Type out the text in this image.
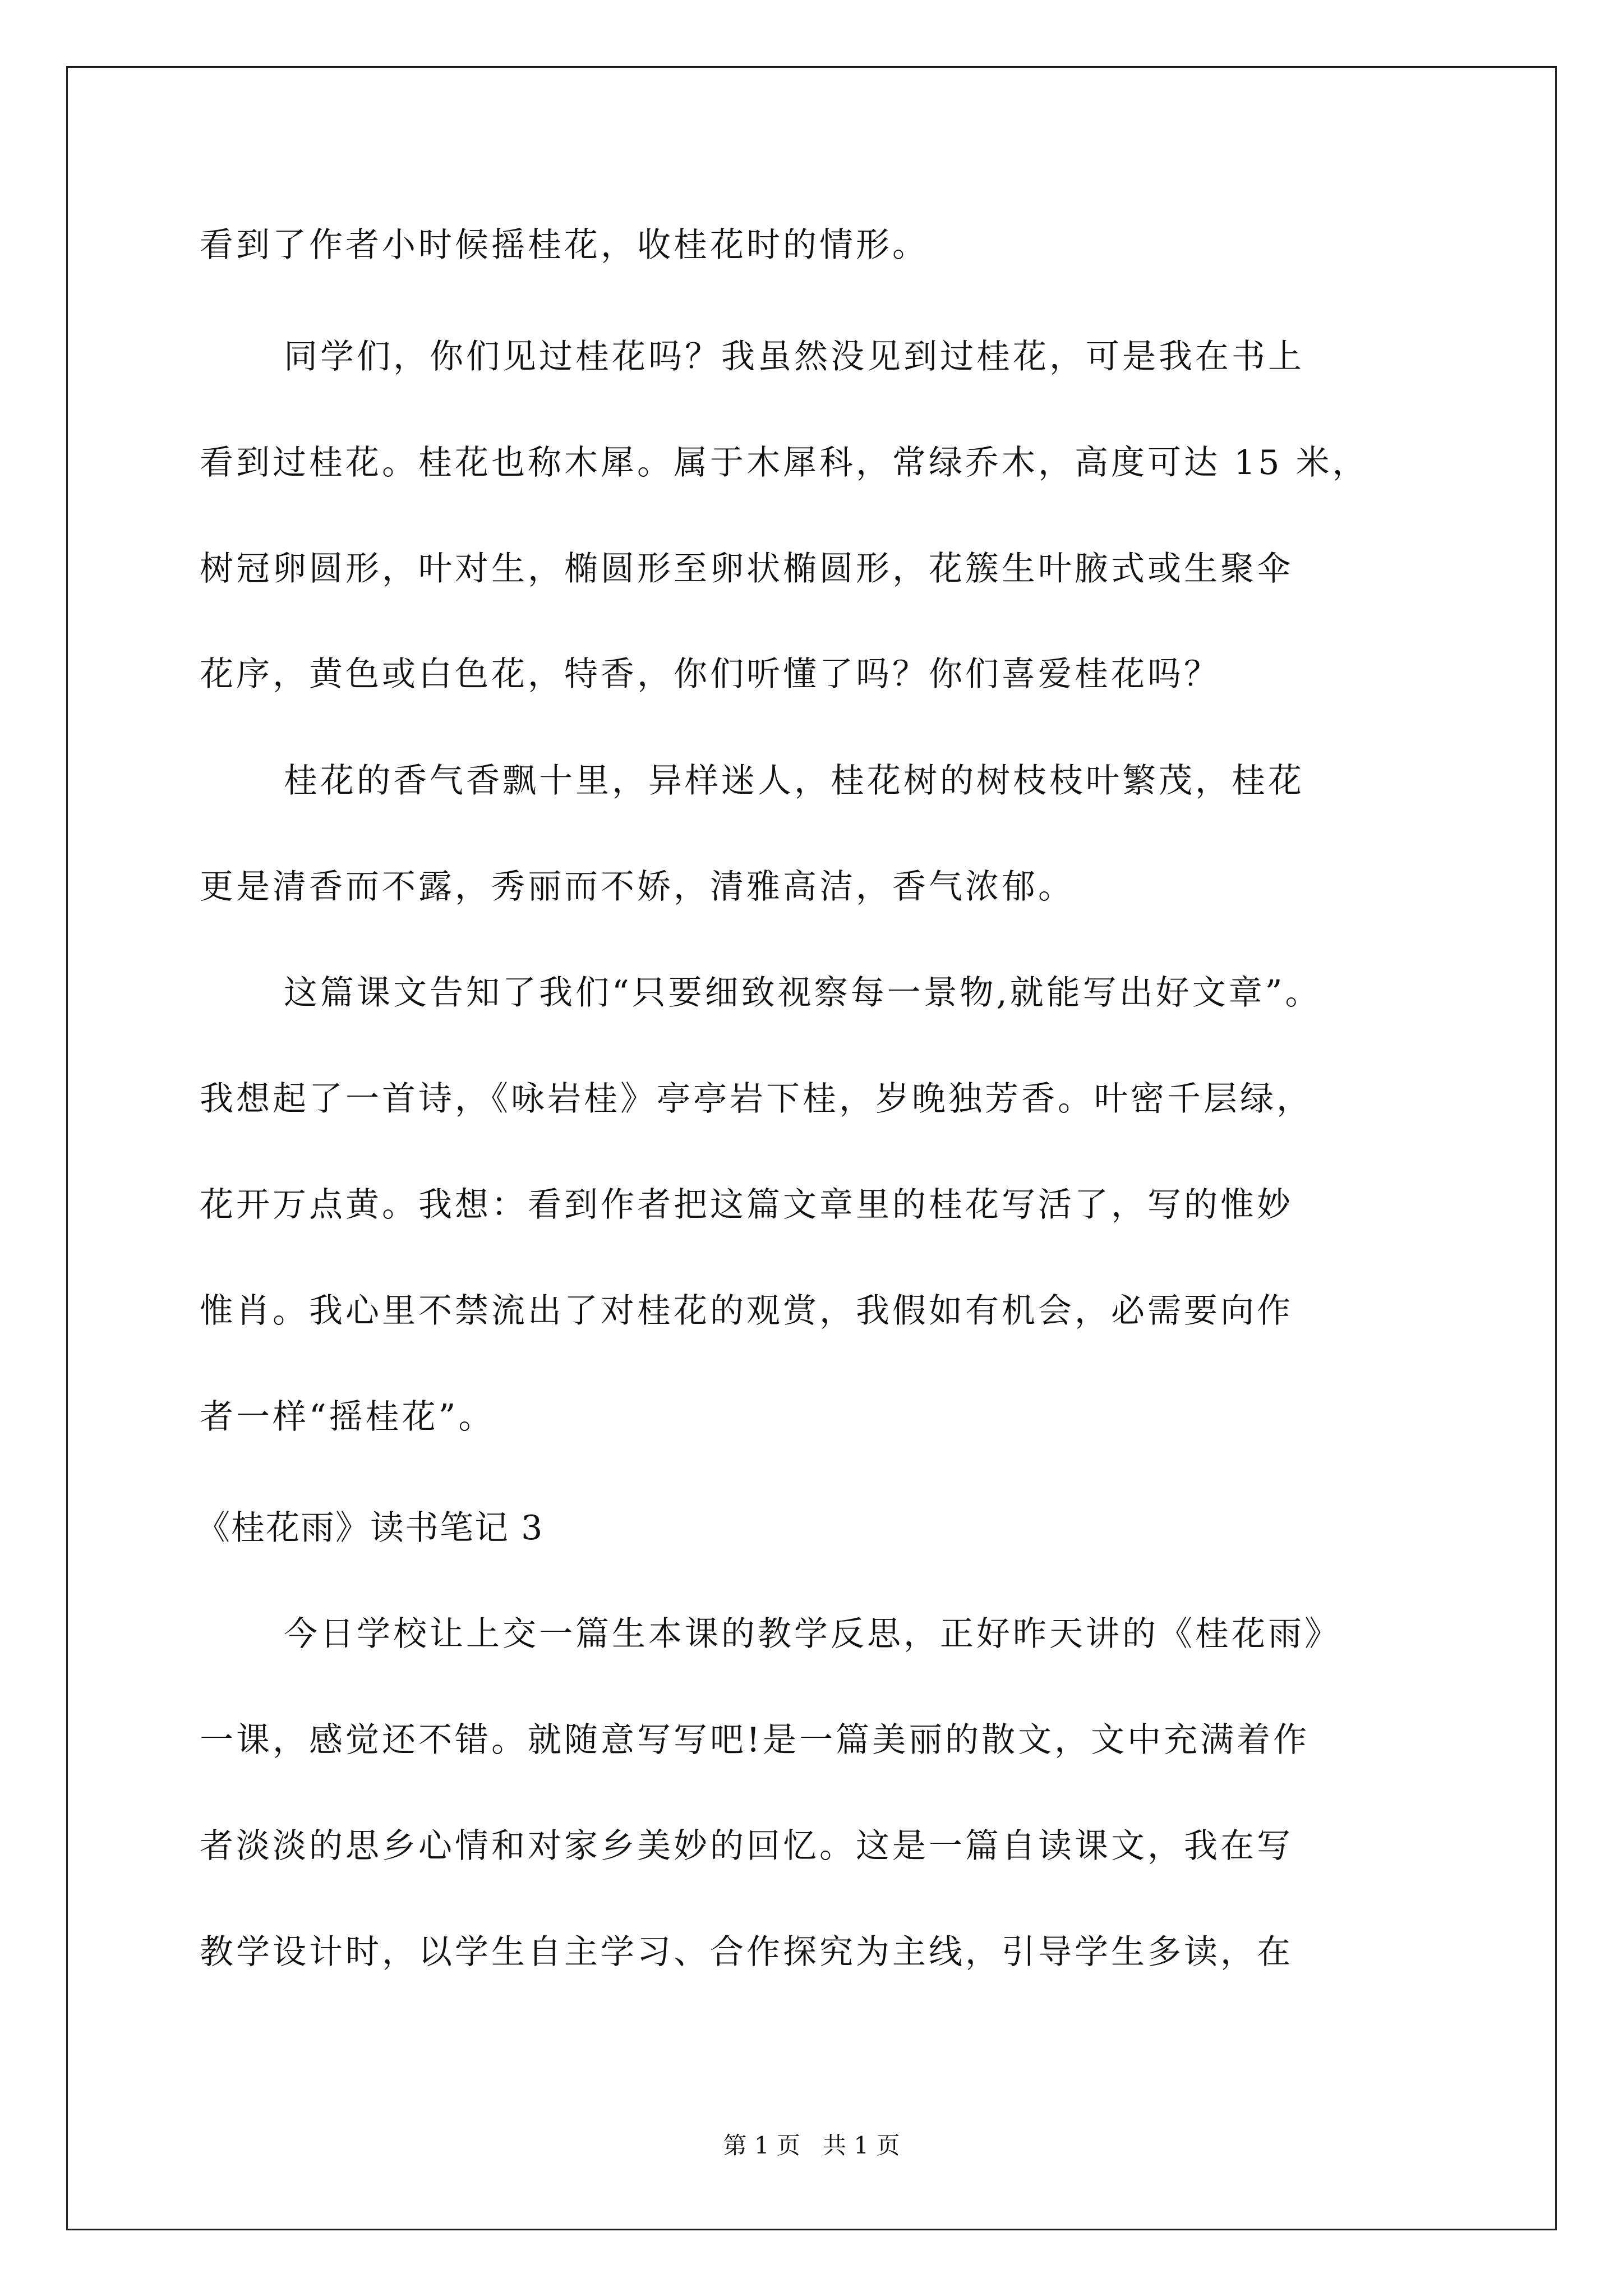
看到了作者小时候摇桂花，收桂花时的情形。
同学们，你们见过桂花吗？我虽然没见到过桂花，可是我在书上
看到过桂花。桂花也称木犀。属于木犀科，常绿乔木，高度可达 15 米，
树冠卵圆形，叶对生，椭圆形至卵状椭圆形，花簇生叶腋式或生聚伞
花序，黄色或白色花，特香，你们听懂了吗？你们喜爱桂花吗？
桂花的香气香飘十里，异样迷人，桂花树的树枝枝叶繁茂，桂花
更是清香而不露，秀丽而不娇，清雅高洁，香气浓郁。
这篇课文告知了我们“只要细致视察每一景物,就能写出好文章”。
我想起了一首诗，《咏岩桂》亭亭岩下桂，岁晚独芳香。叶密千层绿，
花开万点黄。我想：看到作者把这篇文章里的桂花写活了，写的惟妙
惟肖。我心里不禁流出了对桂花的观赏，我假如有机会，必需要向作
者一样“摇桂花”。
《桂花雨》读书笔记 3
今日学校让上交一篇生本课的教学反思，正好昨天讲的《桂花雨》
一课，感觉还不错。就随意写写吧!是一篇美丽的散文，文中充满着作
者淡淡的思乡心情和对家乡美妙的回忆。这是一篇自读课文，我在写
教学设计时，以学生自主学习、合作探究为主线，引导学生多读，在
第 1 页   共 1 页
